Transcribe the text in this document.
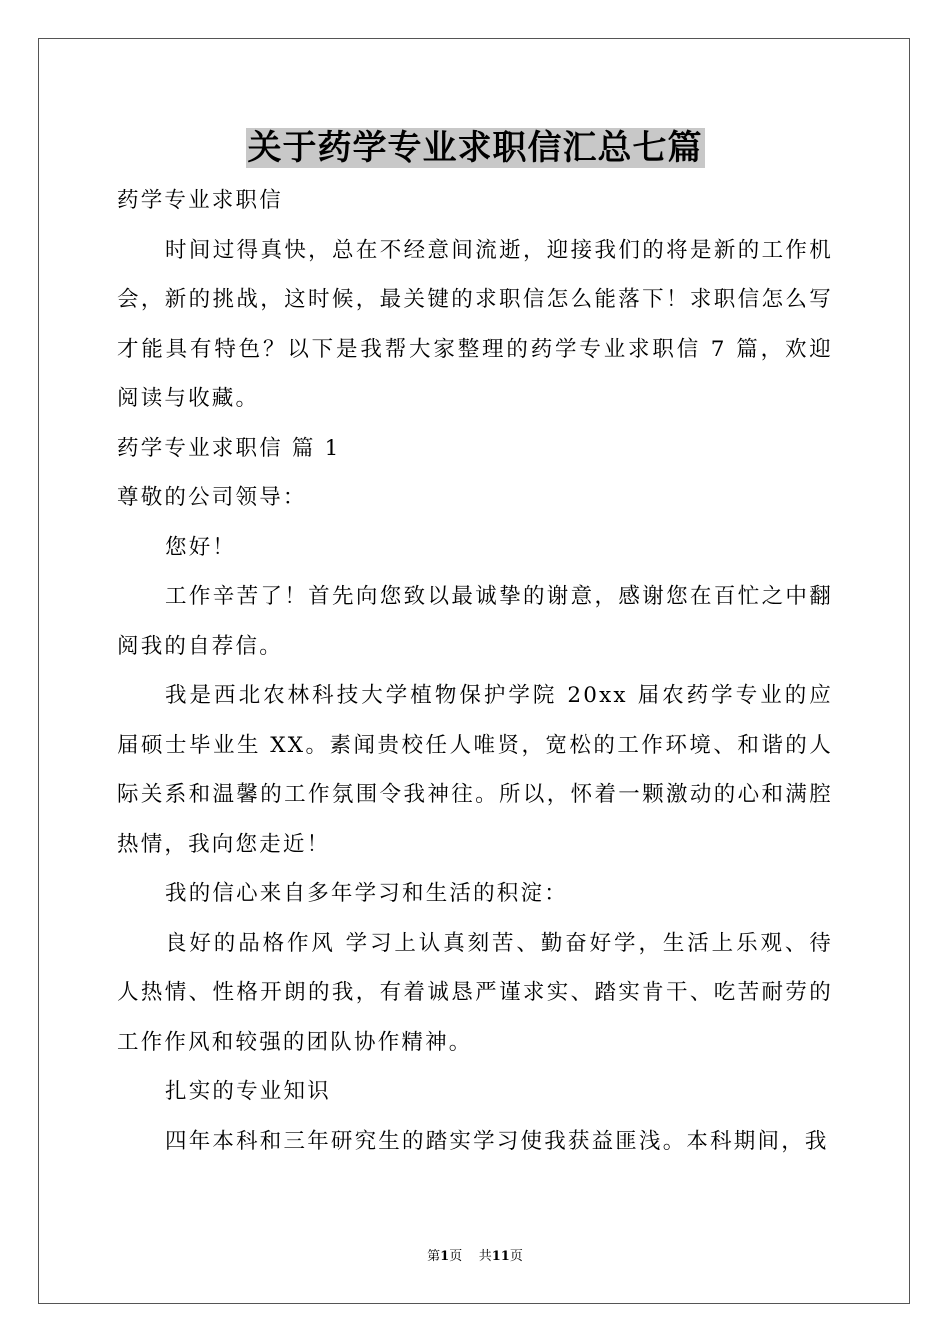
关于药学专业求职信汇总七篇

药学专业求职信

时间过得真快，总在不经意间流逝，迎接我们的将是新的工作机会，新的挑战，这时候，最关键的求职信怎么能落下！求职信怎么写才能具有特色？以下是我帮大家整理的药学专业求职信 7 篇，欢迎阅读与收藏。

药学专业求职信 篇 1

尊敬的公司领导：

您好！

工作辛苦了！首先向您致以最诚挚的谢意，感谢您在百忙之中翻阅我的自荐信。

我是西北农林科技大学植物保护学院 20xx 届农药学专业的应届硕士毕业生 XX。素闻贵校任人唯贤，宽松的工作环境、和谐的人际关系和温馨的工作氛围令我神往。所以，怀着一颗激动的心和满腔热情，我向您走近！

我的信心来自多年学习和生活的积淀：

良好的品格作风 学习上认真刻苦、勤奋好学，生活上乐观、待人热情、性格开朗的我，有着诚恳严谨求实、踏实肯干、吃苦耐劳的工作作风和较强的团队协作精神。

扎实的专业知识

四年本科和三年研究生的踏实学习使我获益匪浅。本科期间，我

第1页 共11页
